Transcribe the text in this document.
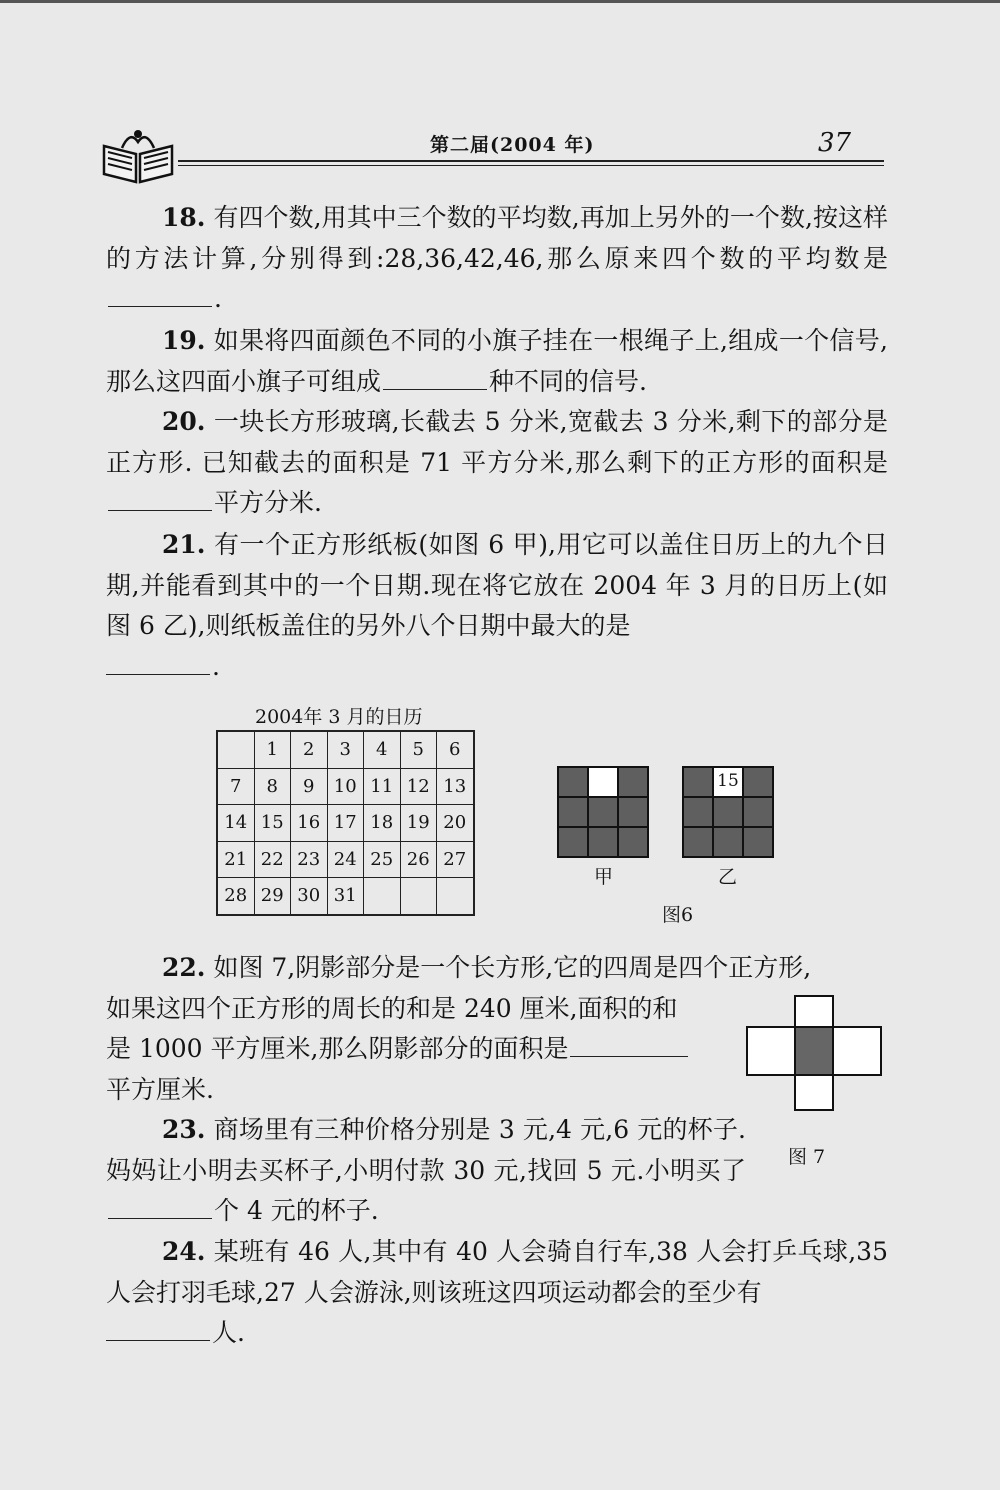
第二届(2004 年)	37
18. 有四个数,用其中三个数的平均数,再加上另外的一个数,按这样的方法计算,分别得到:28,36,42,46,那么原来四个数的平均数是.
19. 如果将四面颜色不同的小旗子挂在一根绳子上,组成一个信号,那么这四面小旗子可组成	种不同的信号.
20. 一块长方形玻璃,长截去 5 分米,宽截去 3 分米,剩下的部分是正方形. 已知截去的面积是 71 平方分米,那么剩下的正方形的面积是平方分米.
21. 有一个正方形纸板(如图 6 甲),用它可以盖住日历上的九个日期,并能看到其中的一个日期.现在将它放在 2004 年 3 月的日历上(如图 6 乙),则纸板盖住的另外八个日期中最大的是
.
2004年 3 月的日历
	1	2	3	4	5	6
7	8	9	10	11	12	13
14	15	16	17	18	19	20
21	22	23	24	25	26	27
28	29	30	31			
甲
15
乙
图6
22. 如图 7,阴影部分是一个长方形,它的四周是四个正方形,
如果这四个正方形的周长的和是 240 厘米,面积的和
是 1000 平方厘米,那么阴影部分的面积是
平方厘米.
图 7
23. 商场里有三种价格分别是 3 元,4 元,6 元的杯子.妈妈让小明去买杯子,小明付款 30 元,找回 5 元.小明买了个 4 元的杯子.
24. 某班有 46 人,其中有 40 人会骑自行车,38 人会打乒乓球,35 人会打羽毛球,27 人会游泳,则该班这四项运动都会的至少有
人.
